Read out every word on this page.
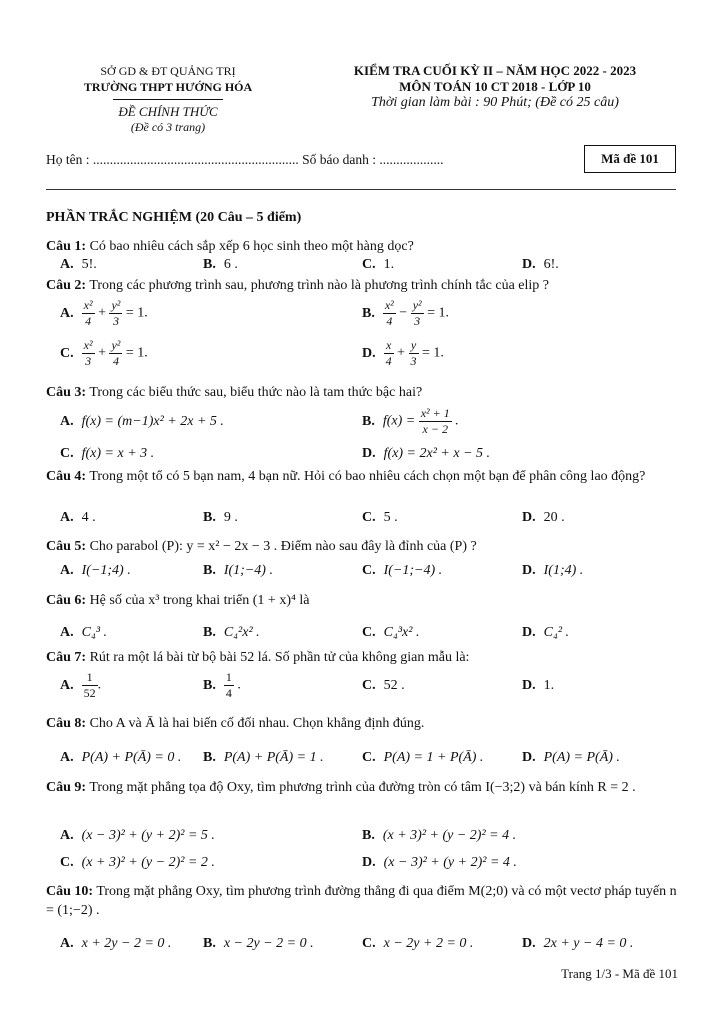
SỞ GD & ĐT QUẢNG TRỊ
TRƯỜNG THPT HƯỚNG HÓA
ĐỀ CHÍNH THỨC
(Đề có 3 trang)
KIỂM TRA CUỐI KỲ II – NĂM HỌC 2022 - 2023
MÔN TOÁN 10 CT 2018 - LỚP 10
Thời gian làm bài : 90 Phút; (Đề có 25 câu)
Họ tên : ............................................................. Số báo danh : ...................	Mã đề 101
PHẦN TRẮC NGHIỆM (20 Câu – 5 điểm)
Câu 1: Có bao nhiêu cách sắp xếp 6 học sinh theo một hàng dọc?
A. 5!.	B. 6 .	C. 1.	D. 6!.
Câu 2: Trong các phương trình sau, phương trình nào là phương trình chính tắc của elip ?
A. $\frac{\text{x²}}{4} + \frac{\text{y²}}{3} = 1$.	B. $\frac{\text{x²}}{4} - \frac{\text{y²}}{3} = 1$.
C. $\frac{\text{x²}}{3} + \frac{\text{y²}}{4} = 1$.	D. $\frac{x}{4} + \frac{y}{3} = 1$.
Câu 3: Trong các biểu thức sau, biểu thức nào là tam thức bậc hai?
A. f(x) = (m−1)x² + 2x + 5 .	B. $f(x) = \frac{\text{x² + 1}}{x - 2}$ .
C. f(x) = x + 3 .	D. f(x) = 2x² + x − 5 .
Câu 4: Trong một tổ có 5 bạn nam, 4 bạn nữ. Hỏi có bao nhiêu cách chọn một bạn để phân công lao động?
A. 4 .	B. 9 .	C. 5 .	D. 20 .
Câu 5: Cho parabol (P): y = x² − 2x − 3 . Điểm nào sau đây là đỉnh của (P) ?
A. I(−1;4) .	B. I(1;−4) .	C. I(−1;−4) .	D. I(1;4) .
Câu 6: Hệ số của x³ trong khai triển (1 + x)⁴ là
A. C₄³ .	B. C₄²x² .	C. C₄³x² .	D. C₄² .
Câu 7: Rút ra một lá bài từ bộ bài 52 lá. Số phần tử của không gian mẫu là:
A. $\frac{1}{52}$ .	B. $\frac{1}{4}$ .	C. 52 .	D. 1.
Câu 8: Cho A và Ā là hai biến cố đối nhau. Chọn khẳng định đúng.
A. P(A) + P(Ā) = 0 . B. P(A) + P(Ā) = 1 .	C. P(A) = 1 + P(Ā) .	D. P(A) = P(Ā) .
Câu 9: Trong mặt phẳng tọa độ Oxy, tìm phương trình của đường tròn có tâm I(−3;2) và bán kính R = 2 .
A. (x − 3)² + (y + 2)² = 5 .	B. (x + 3)² + (y − 2)² = 4 .
C. (x + 3)² + (y − 2)² = 2 .	D. (x − 3)² + (y + 2)² = 4 .
Câu 10: Trong mặt phẳng Oxy, tìm phương trình đường thẳng đi qua điểm M(2;0) và có một vectơ pháp tuyến n = (1;−2) .
A. x + 2y − 2 = 0 . B. x − 2y − 2 = 0 .	C. x − 2y + 2 = 0 .	D. 2x + y − 4 = 0 .
Trang 1/3 - Mã đề 101
